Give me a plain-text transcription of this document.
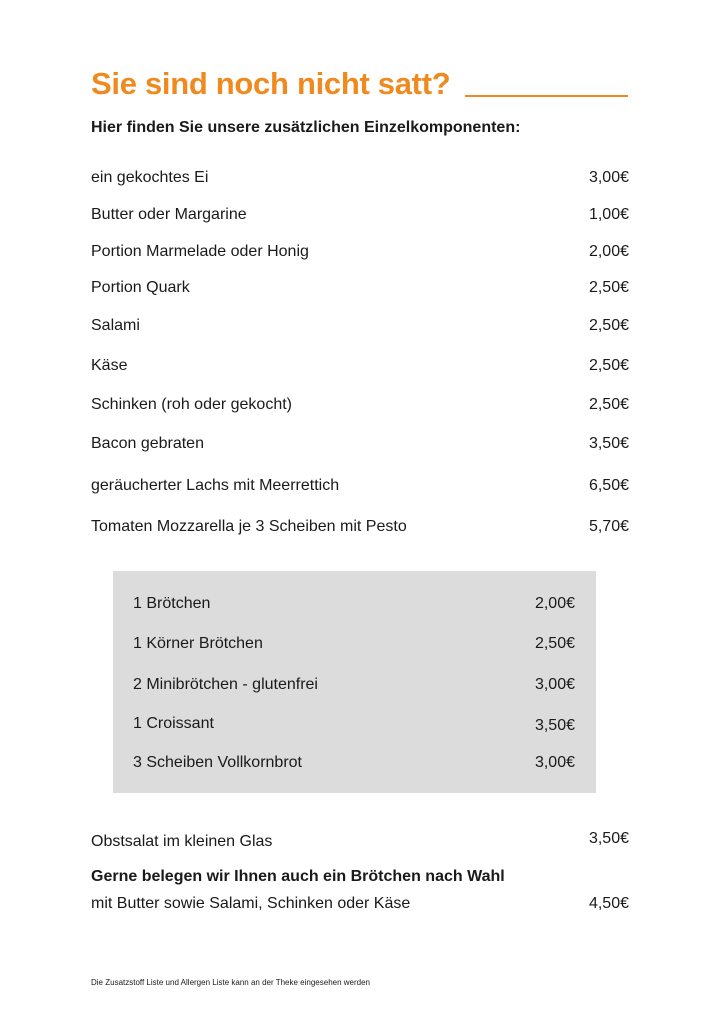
Sie sind noch nicht satt?
Hier finden Sie unsere zusätzlichen Einzelkomponenten:
ein gekochtes Ei	3,00€
Butter oder Margarine	1,00€
Portion Marmelade oder Honig	2,00€
Portion Quark	2,50€
Salami	2,50€
Käse	2,50€
Schinken (roh oder gekocht)	2,50€
Bacon gebraten	3,50€
geräucherter Lachs mit Meerrettich	6,50€
Tomaten Mozzarella je 3 Scheiben mit Pesto	5,70€
1 Brötchen	2,00€
1 Körner Brötchen	2,50€
2 Minibrötchen - glutenfrei	3,00€
1 Croissant	3,50€
3 Scheiben Vollkornbrot	3,00€
Obstsalat im kleinen Glas	3,50€
Gerne belegen wir Ihnen auch ein Brötchen nach Wahl
mit Butter sowie Salami, Schinken oder Käse	4,50€
Die Zusatzstoff Liste und Allergen Liste kann an der Theke eingesehen werden
